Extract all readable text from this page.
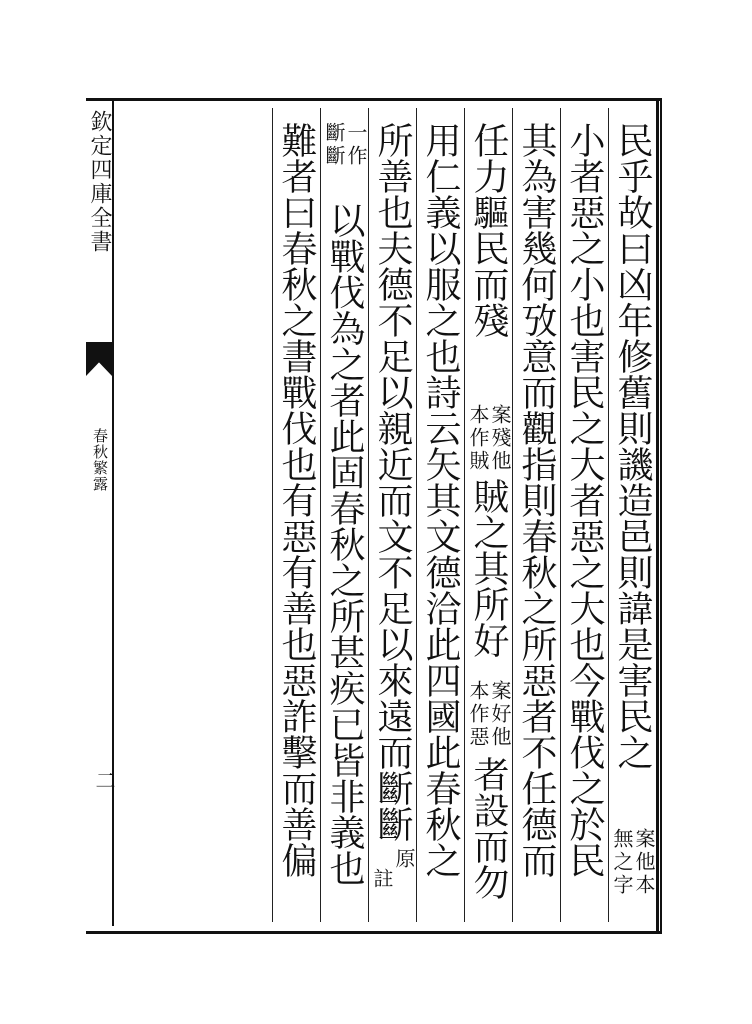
欽定四庫全書
春秋繁露
二
民乎故曰凶年修舊則譏造邑則諱是害民之
案他本
無之字
小者惡之小也害民之大者惡之大也今戰伐之於民
其為害幾何攷意而觀指則春秋之所惡者不任德而
任力驅民而殘
案殘他
本作賊
賊之其所好
案好他
本作惡
者設而勿
用仁義以服之也詩云矢其文德洽此四國此春秋之
所善也夫德不足以親近而文不足以來遠而斷斷
原
註
一作
斷斷
以戰伐為之者此固春秋之所甚疾已皆非義也
難者曰春秋之書戰伐也有惡有善也惡詐擊而善偏
